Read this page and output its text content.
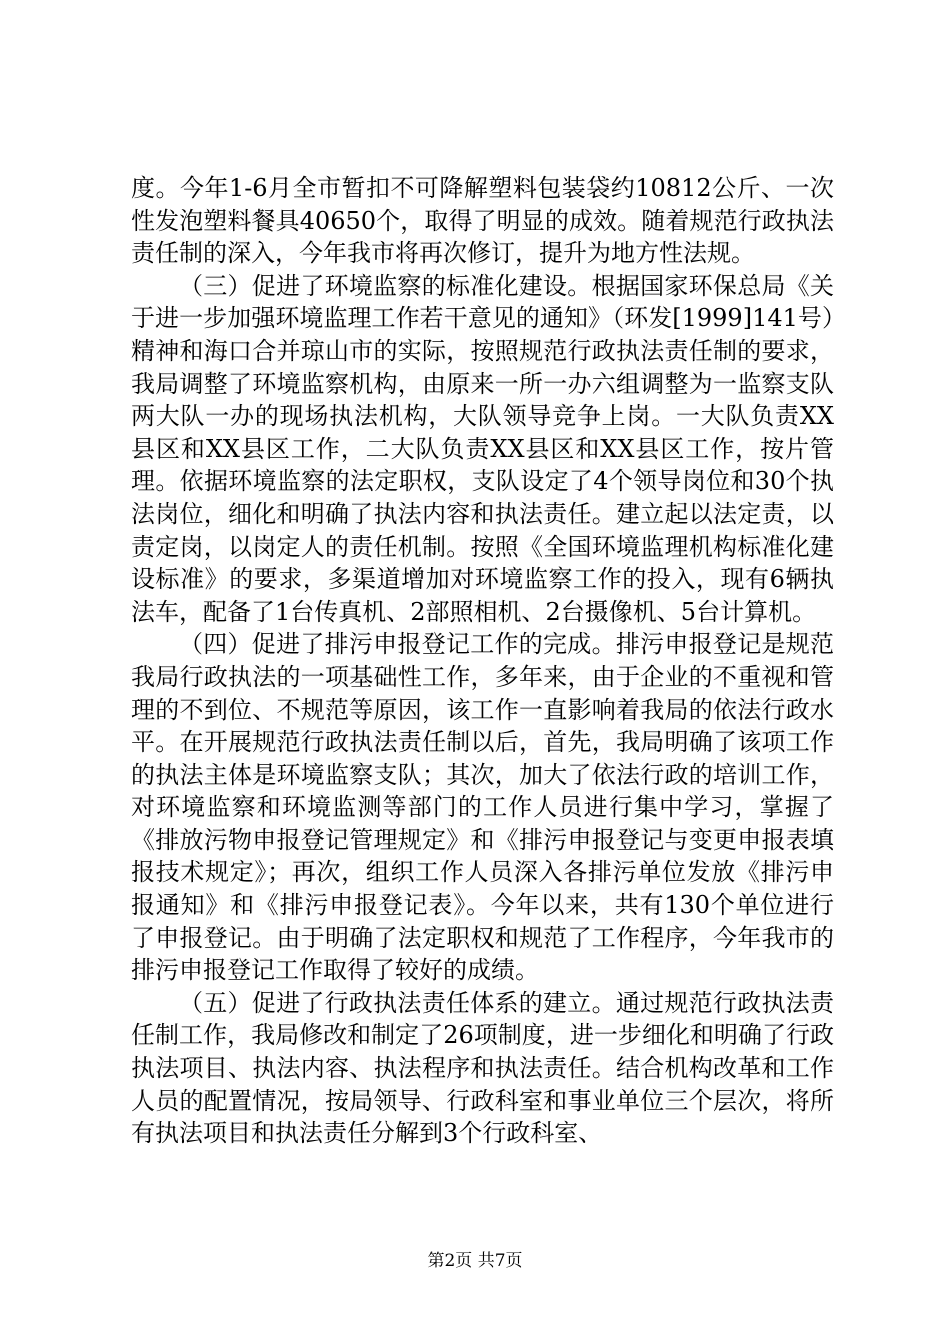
度。今年1-6月全市暂扣不可降解塑料包装袋约10812公斤、一次性发泡塑料餐具40650个，取得了明显的成效。随着规范行政执法责任制的深入，今年我市将再次修订，提升为地方性法规。

（三）促进了环境监察的标准化建设。根据国家环保总局《关于进一步加强环境监理工作若干意见的通知》（环发[1999]141号）精神和海口合并琼山市的实际，按照规范行政执法责任制的要求，我局调整了环境监察机构，由原来一所一办六组调整为一监察支队两大队一办的现场执法机构，大队领导竞争上岗。一大队负责XX县区和XX县区工作，二大队负责XX县区和XX县区工作，按片管理。依据环境监察的法定职权，支队设定了4个领导岗位和30个执法岗位，细化和明确了执法内容和执法责任。建立起以法定责，以责定岗，以岗定人的责任机制。按照《全国环境监理机构标准化建设标准》的要求，多渠道增加对环境监察工作的投入，现有6辆执法车，配备了1台传真机、2部照相机、2台摄像机、5台计算机。

（四）促进了排污申报登记工作的完成。排污申报登记是规范我局行政执法的一项基础性工作，多年来，由于企业的不重视和管理的不到位、不规范等原因，该工作一直影响着我局的依法行政水平。在开展规范行政执法责任制以后，首先，我局明确了该项工作的执法主体是环境监察支队；其次，加大了依法行政的培训工作，对环境监察和环境监测等部门的工作人员进行集中学习，掌握了《排放污物申报登记管理规定》和《排污申报登记与变更申报表填报技术规定》；再次，组织工作人员深入各排污单位发放《排污申报通知》和《排污申报登记表》。今年以来，共有130个单位进行了申报登记。由于明确了法定职权和规范了工作程序，今年我市的排污申报登记工作取得了较好的成绩。

（五）促进了行政执法责任体系的建立。通过规范行政执法责任制工作，我局修改和制定了26项制度，进一步细化和明确了行政执法项目、执法内容、执法程序和执法责任。结合机构改革和工作人员的配置情况，按局领导、行政科室和事业单位三个层次，将所有执法项目和执法责任分解到3个行政科室、

第2页 共7页
